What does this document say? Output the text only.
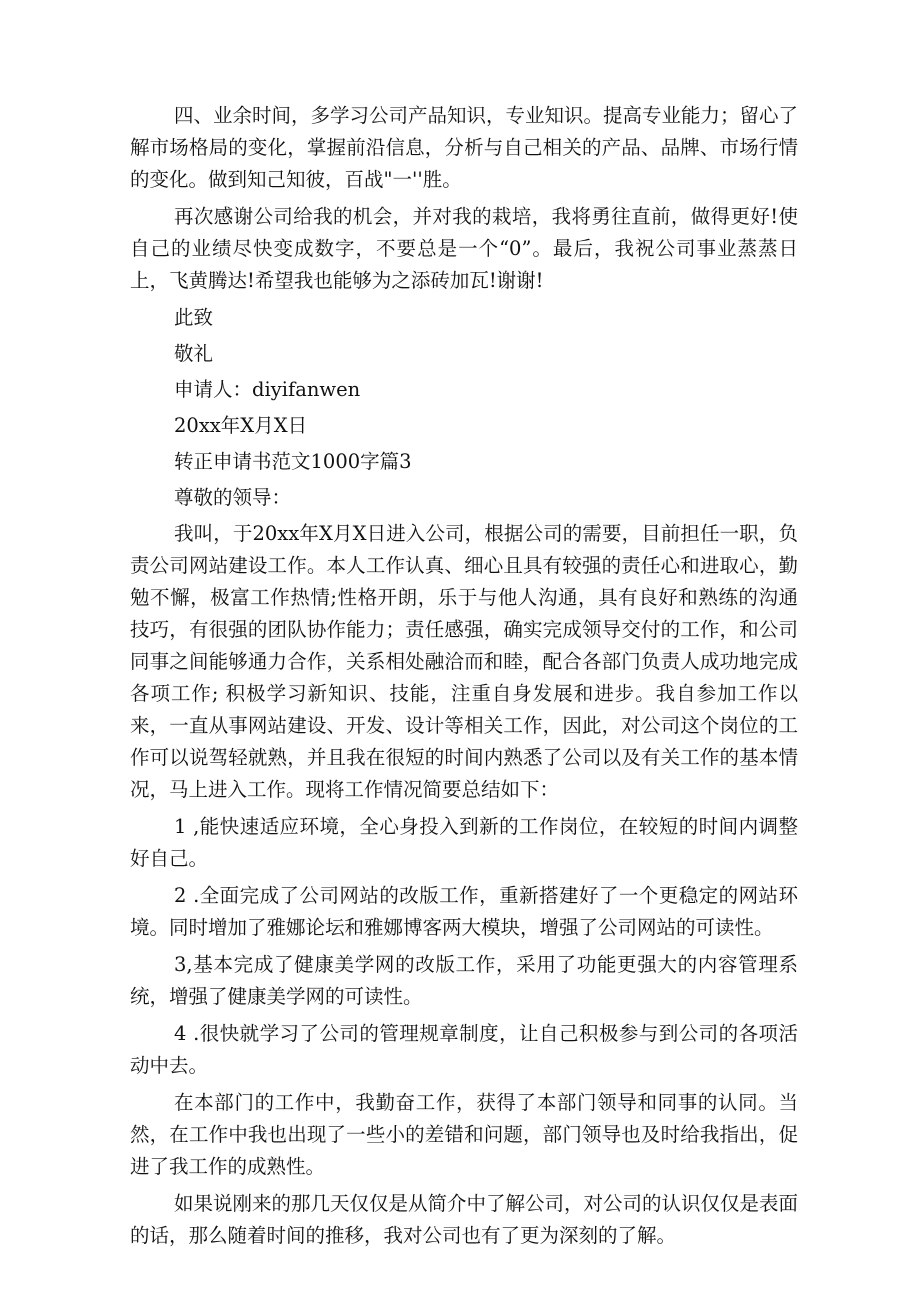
四、业余时间，多学习公司产品知识，专业知识。提高专业能力；留心了解市场格局的变化，掌握前沿信息，分析与自己相关的产品、品牌、市场行情的变化。做到知己知彼，百战"一''胜。

再次感谢公司给我的机会，并对我的栽培，我将勇往直前，做得更好!使自己的业绩尽快变成数字，不要总是一个“0”。最后，我祝公司事业蒸蒸日上，飞黄腾达!希望我也能够为之添砖加瓦!谢谢!

此致
敬礼
申请人：diyifanwen
20xx年X月X日
转正申请书范文1000字篇3
尊敬的领导：

我叫，于20xx年X月X日进入公司，根据公司的需要，目前担任一职，负责公司网站建设工作。本人工作认真、细心且具有较强的责任心和进取心，勤勉不懈，极富工作热情;性格开朗，乐于与他人沟通，具有良好和熟练的沟通技巧，有很强的团队协作能力；责任感强，确实完成领导交付的工作，和公司同事之间能够通力合作，关系相处融洽而和睦，配合各部门负责人成功地完成各项工作; 积极学习新知识、技能，注重自身发展和进步。我自参加工作以来，一直从事网站建设、开发、设计等相关工作，因此，对公司这个岗位的工作可以说驾轻就熟，并且我在很短的时间内熟悉了公司以及有关工作的基本情况，马上进入工作。现将工作情况简要总结如下：

1 ,能快速适应环境，全心身投入到新的工作岗位，在较短的时间内调整好自己。

2 .全面完成了公司网站的改版工作，重新搭建好了一个更稳定的网站环境。同时增加了雅娜论坛和雅娜博客两大模块，增强了公司网站的可读性。

3,基本完成了健康美学网的改版工作，采用了功能更强大的内容管理系统，增强了健康美学网的可读性。

4 .很快就学习了公司的管理规章制度，让自己积极参与到公司的各项活动中去。

在本部门的工作中，我勤奋工作，获得了本部门领导和同事的认同。当然，在工作中我也出现了一些小的差错和问题，部门领导也及时给我指出，促进了我工作的成熟性。

如果说刚来的那几天仅仅是从简介中了解公司，对公司的认识仅仅是表面的话，那么随着时间的推移，我对公司也有了更为深刻的了解。
